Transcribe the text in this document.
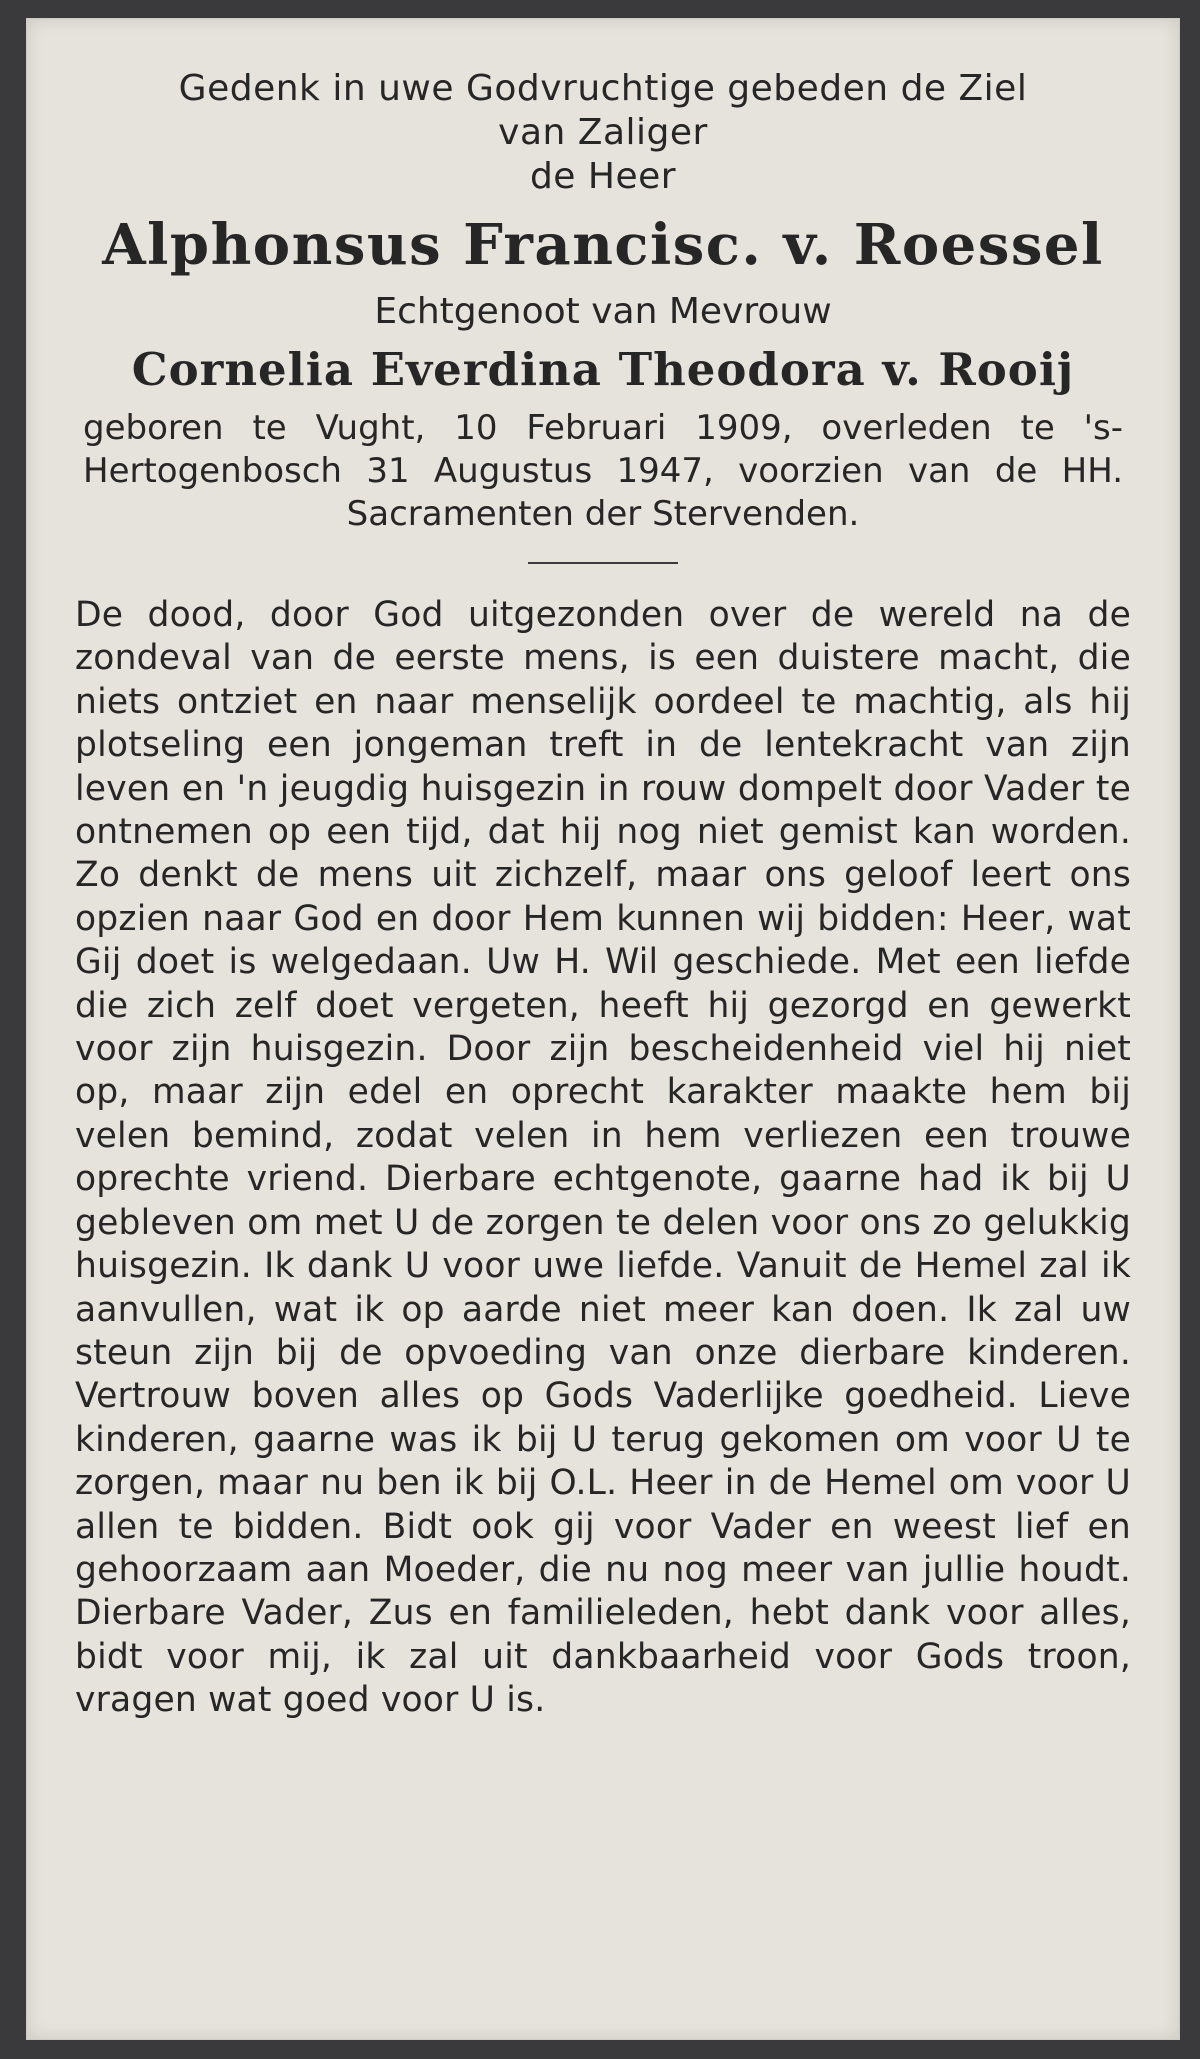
Gedenk in uwe Godvruchtige gebeden de Ziel
van Zaliger
de Heer
Alphonsus Francisc. v. Roessel
Echtgenoot van Mevrouw
Cornelia Everdina Theodora v. Rooij
geboren te Vught, 10 Februari 1909, overleden te 's-Hertogenbosch 31 Augustus 1947, voorzien van de HH. Sacramenten der Stervenden.
De dood, door God uitgezonden over de wereld na de zondeval van de eerste mens, is een duistere macht, die niets ontziet en naar menselijk oordeel te machtig, als hij plotseling een jongeman treft in de lentekracht van zijn leven en 'n jeugdig huisgezin in rouw dompelt door Vader te ontnemen op een tijd, dat hij nog niet gemist kan worden. Zo denkt de mens uit zichzelf, maar ons geloof leert ons opzien naar God en door Hem kunnen wij bidden: Heer, wat Gij doet is welgedaan. Uw H. Wil geschiede. Met een liefde die zich zelf doet vergeten, heeft hij gezorgd en gewerkt voor zijn huisgezin. Door zijn bescheidenheid viel hij niet op, maar zijn edel en oprecht karakter maakte hem bij velen bemind, zodat velen in hem verliezen een trouwe oprechte vriend. Dierbare echtgenote, gaarne had ik bij U gebleven om met U de zorgen te delen voor ons zo gelukkig huisgezin. Ik dank U voor uwe liefde. Vanuit de Hemel zal ik aanvullen, wat ik op aarde niet meer kan doen. Ik zal uw steun zijn bij de opvoeding van onze dierbare kinderen. Vertrouw boven alles op Gods Vaderlijke goedheid. Lieve kinderen, gaarne was ik bij U terug gekomen om voor U te zorgen, maar nu ben ik bij O.L. Heer in de Hemel om voor U allen te bidden. Bidt ook gij voor Vader en weest lief en gehoorzaam aan Moeder, die nu nog meer van jullie houdt. Dierbare Vader, Zus en familieleden, hebt dank voor alles, bidt voor mij, ik zal uit dankbaarheid voor Gods troon, vragen wat goed voor U is.
